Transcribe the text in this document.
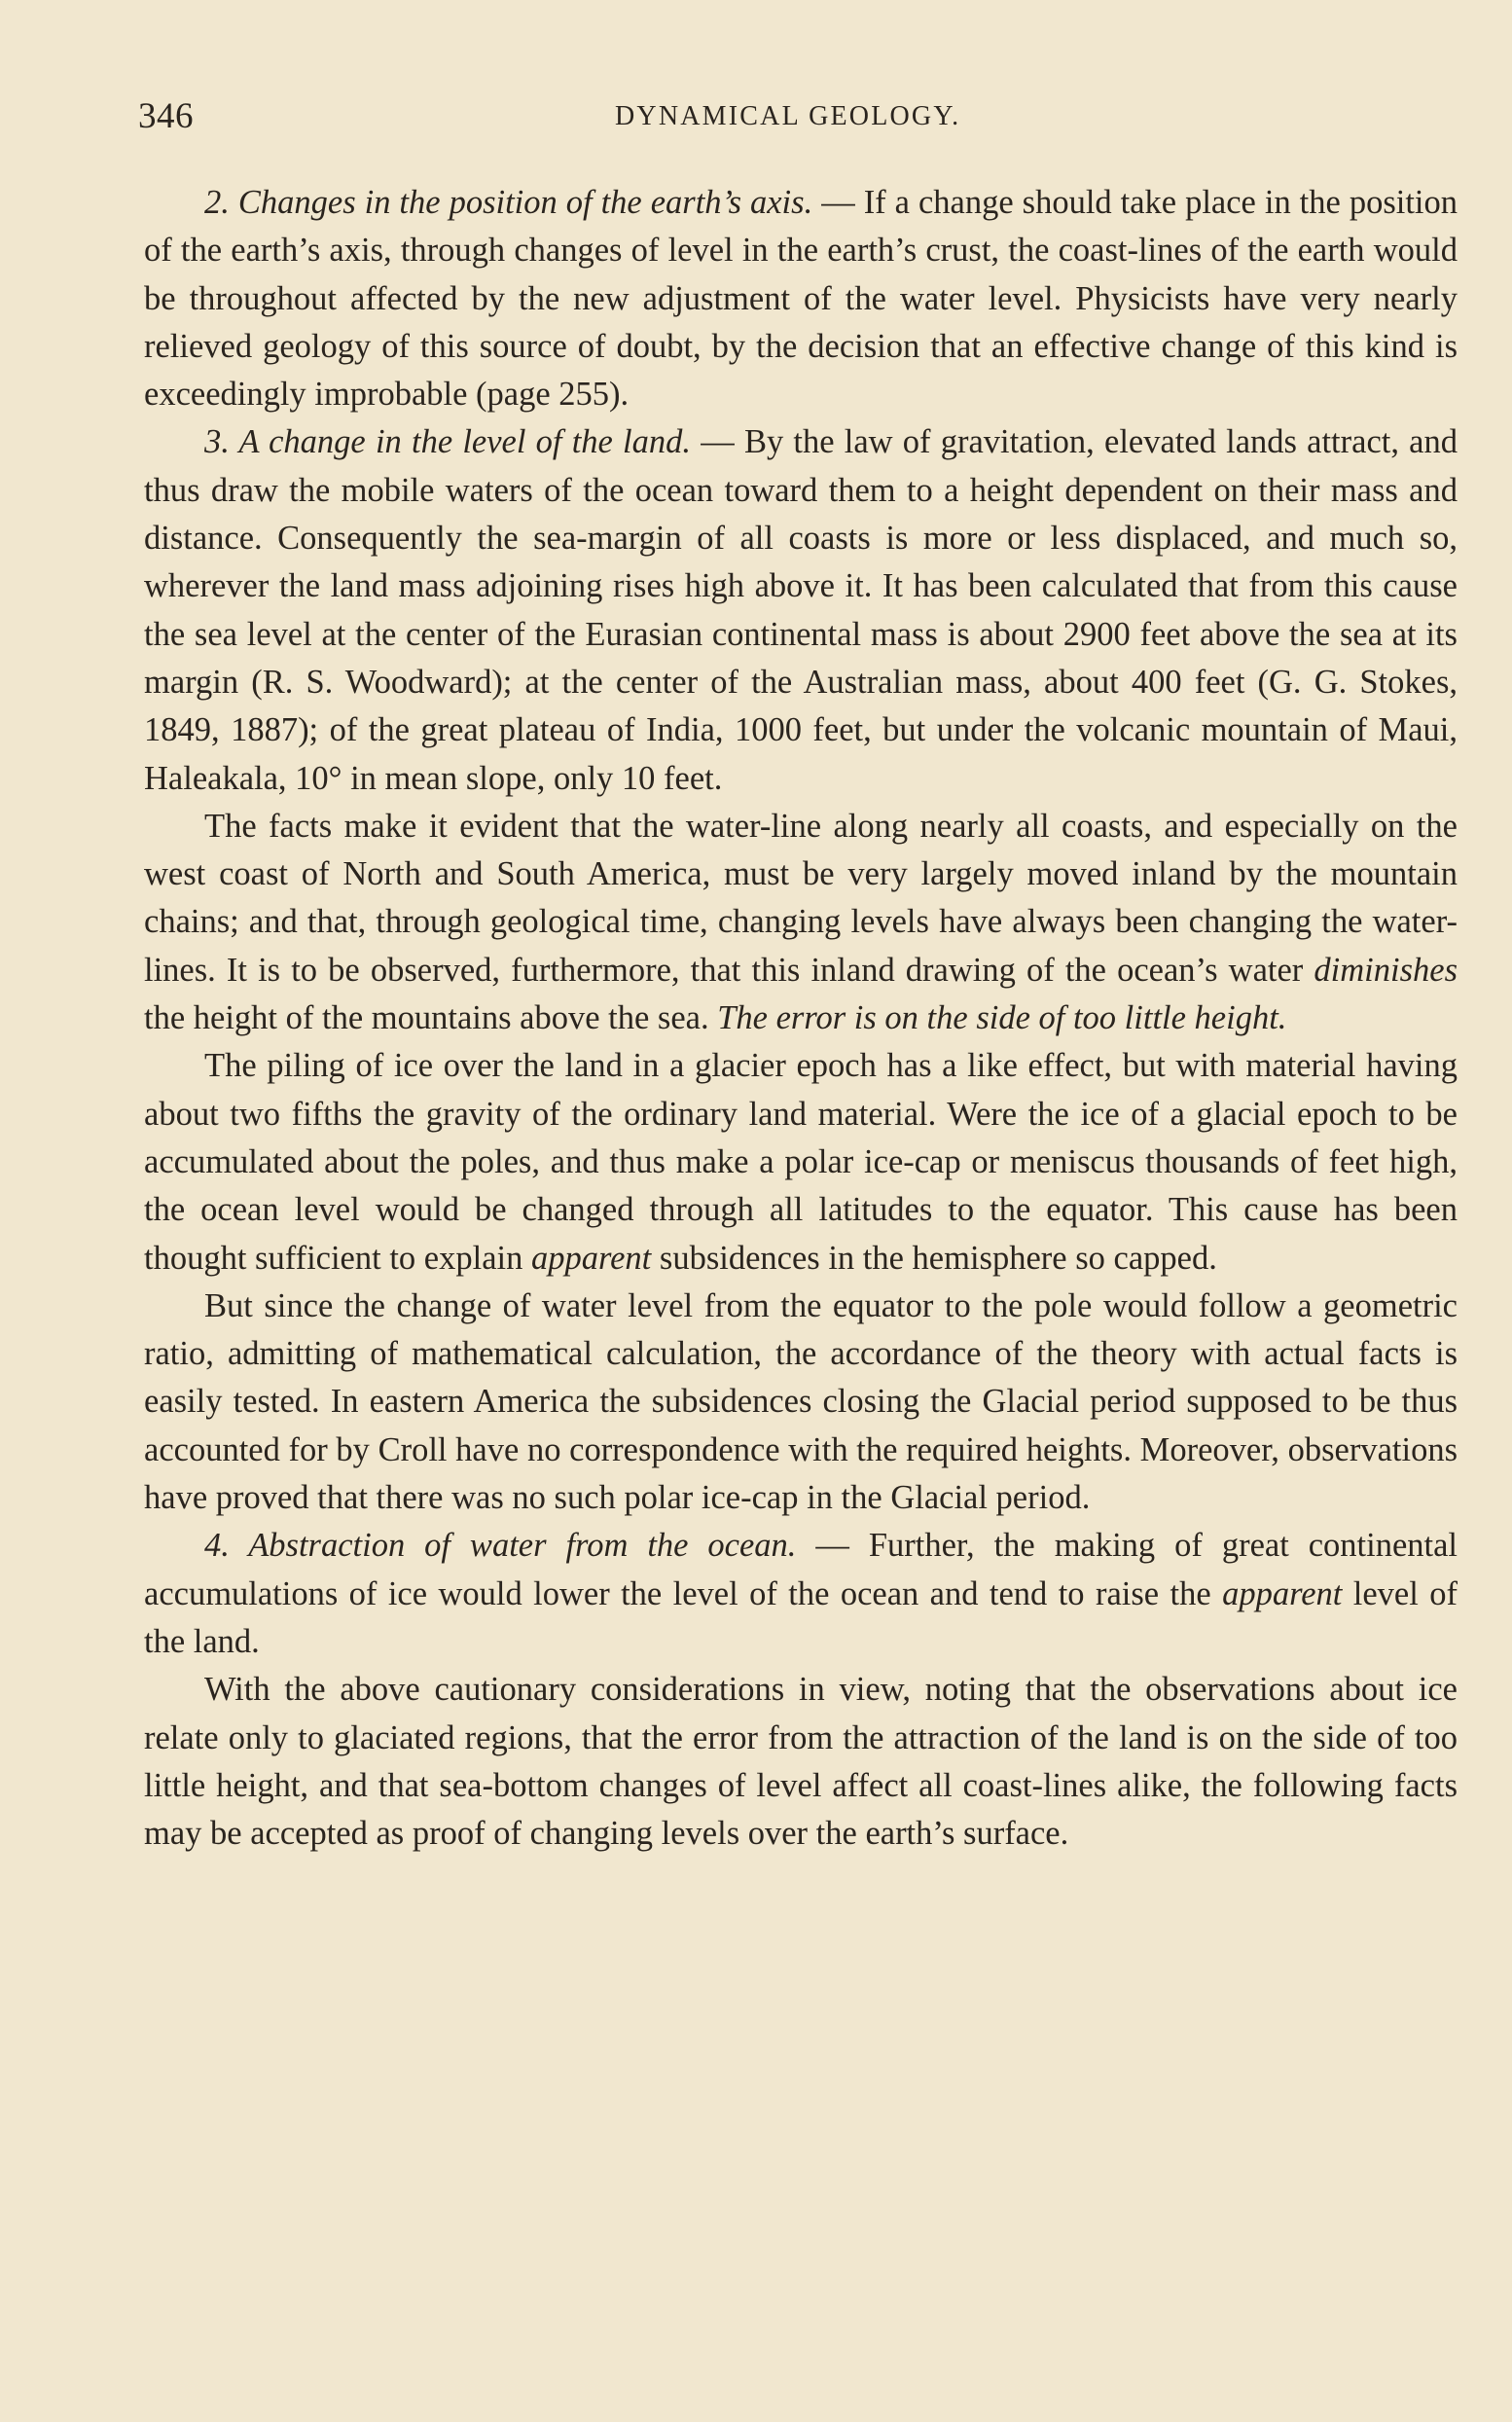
346	DYNAMICAL GEOLOGY.

2. Changes in the position of the earth’s axis. — If a change should take place in the position of the earth’s axis, through changes of level in the earth’s crust, the coast-lines of the earth would be throughout affected by the new adjustment of the water level. Physicists have very nearly relieved geology of this source of doubt, by the decision that an effective change of this kind is exceedingly improbable (page 255).

3. A change in the level of the land. — By the law of gravitation, elevated lands attract, and thus draw the mobile waters of the ocean toward them to a height dependent on their mass and distance. Consequently the sea-margin of all coasts is more or less displaced, and much so, wherever the land mass adjoining rises high above it. It has been calculated that from this cause the sea level at the center of the Eurasian continental mass is about 2900 feet above the sea at its margin (R. S. Woodward); at the center of the Australian mass, about 400 feet (G. G. Stokes, 1849, 1887); of the great plateau of India, 1000 feet, but under the volcanic mountain of Maui, Haleakala, 10° in mean slope, only 10 feet.

The facts make it evident that the water-line along nearly all coasts, and especially on the west coast of North and South America, must be very largely moved inland by the mountain chains; and that, through geological time, changing levels have always been changing the water-lines. It is to be observed, furthermore, that this inland drawing of the ocean’s water diminishes the height of the mountains above the sea. The error is on the side of too little height.

The piling of ice over the land in a glacier epoch has a like effect, but with material having about two fifths the gravity of the ordinary land material. Were the ice of a glacial epoch to be accumulated about the poles, and thus make a polar ice-cap or meniscus thousands of feet high, the ocean level would be changed through all latitudes to the equator. This cause has been thought sufficient to explain apparent subsidences in the hemisphere so capped.

But since the change of water level from the equator to the pole would follow a geometric ratio, admitting of mathematical calculation, the accordance of the theory with actual facts is easily tested. In eastern America the subsidences closing the Glacial period supposed to be thus accounted for by Croll have no correspondence with the required heights. Moreover, observations have proved that there was no such polar ice-cap in the Glacial period.

4. Abstraction of water from the ocean. — Further, the making of great continental accumulations of ice would lower the level of the ocean and tend to raise the apparent level of the land.

With the above cautionary considerations in view, noting that the observations about ice relate only to glaciated regions, that the error from the attraction of the land is on the side of too little height, and that sea-bottom changes of level affect all coast-lines alike, the following facts may be accepted as proof of changing levels over the earth’s surface.
